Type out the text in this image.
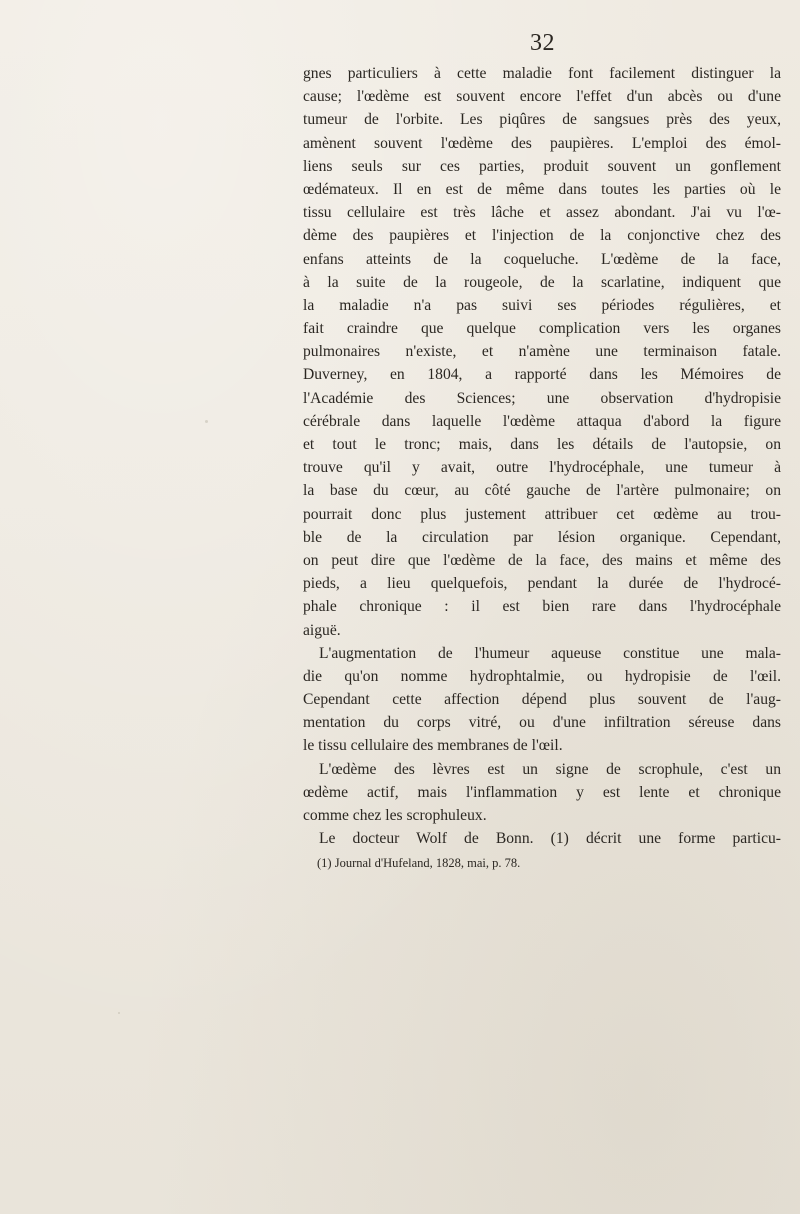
32
gnes particuliers à cette maladie font facilement distinguer la
cause; l'œdème est souvent encore l'effet d'un abcès ou d'une
tumeur de l'orbite. Les piqûres de sangsues près des yeux,
amènent souvent l'œdème des paupières. L'emploi des émol-
liens seuls sur ces parties, produit souvent un gonflement
œdémateux. Il en est de même dans toutes les parties où le
tissu cellulaire est très lâche et assez abondant. J'ai vu l'œ-
dème des paupières et l'injection de la conjonctive chez des
enfans atteints de la coqueluche. L'œdème de la face,
à la suite de la rougeole, de la scarlatine, indiquent que
la maladie n'a pas suivi ses périodes régulières, et
fait craindre que quelque complication vers les organes
pulmonaires n'existe, et n'amène une terminaison fatale.
Duverney, en 1804, a rapporté dans les Mémoires de
l'Académie des Sciences; une observation d'hydropisie
cérébrale dans laquelle l'œdème attaqua d'abord la figure
et tout le tronc; mais, dans les détails de l'autopsie, on
trouve qu'il y avait, outre l'hydrocéphale, une tumeur à
la base du cœur, au côté gauche de l'artère pulmonaire; on
pourrait donc plus justement attribuer cet œdème au trou-
ble de la circulation par lésion organique. Cependant,
on peut dire que l'œdème de la face, des mains et même des
pieds, a lieu quelquefois, pendant la durée de l'hydrocé-
phale chronique : il est bien rare dans l'hydrocéphale
aiguë.
L'augmentation de l'humeur aqueuse constitue une mala-
die qu'on nomme hydrophtalmie, ou hydropisie de l'œil.
Cependant cette affection dépend plus souvent de l'aug-
mentation du corps vitré, ou d'une infiltration séreuse dans
le tissu cellulaire des membranes de l'œil.
L'œdème des lèvres est un signe de scrophule, c'est un
œdème actif, mais l'inflammation y est lente et chronique
comme chez les scrophuleux.
Le docteur Wolf de Bonn. (1) décrit une forme particu-
(1) Journal d'Hufeland, 1828, mai, p. 78.
